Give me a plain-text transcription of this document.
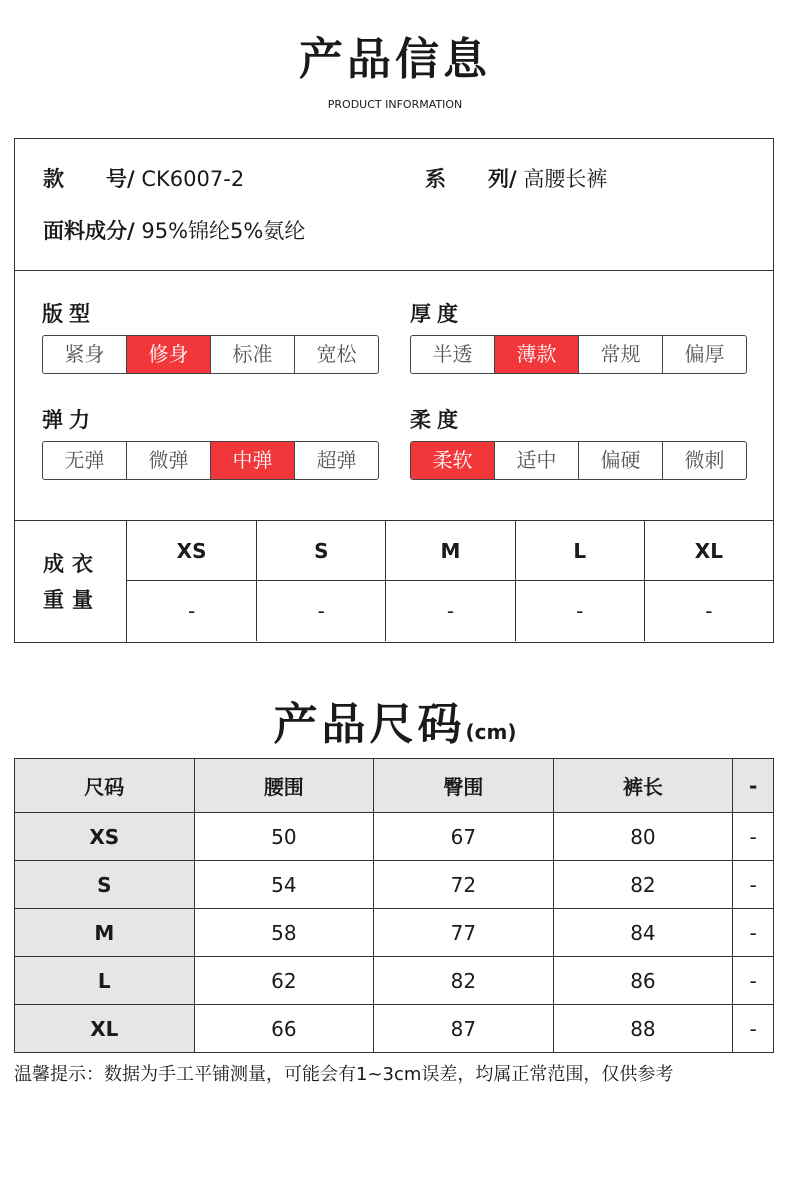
产品信息
PRODUCT INFORMATION
款　　号/ CK6007-2	系　　列/ 高腰长裤
面料成分/ 95%锦纶5%氨纶
版型
紧身	修身	标准	宽松
厚度
半透	薄款	常规	偏厚
弹力
无弹	微弹	中弹	超弹
柔度
柔软	适中	偏硬	微刺
成衣
重量
XS	S	M	L	XL
-	-	-	-	-
产品尺码(cm)
尺码	腰围	臀围	裤长	-
XS	50	67	80	-
S	54	72	82	-
M	58	77	84	-
L	62	82	86	-
XL	66	87	88	-
温馨提示：数据为手工平铺测量，可能会有1~3cm误差，均属正常范围，仅供参考
